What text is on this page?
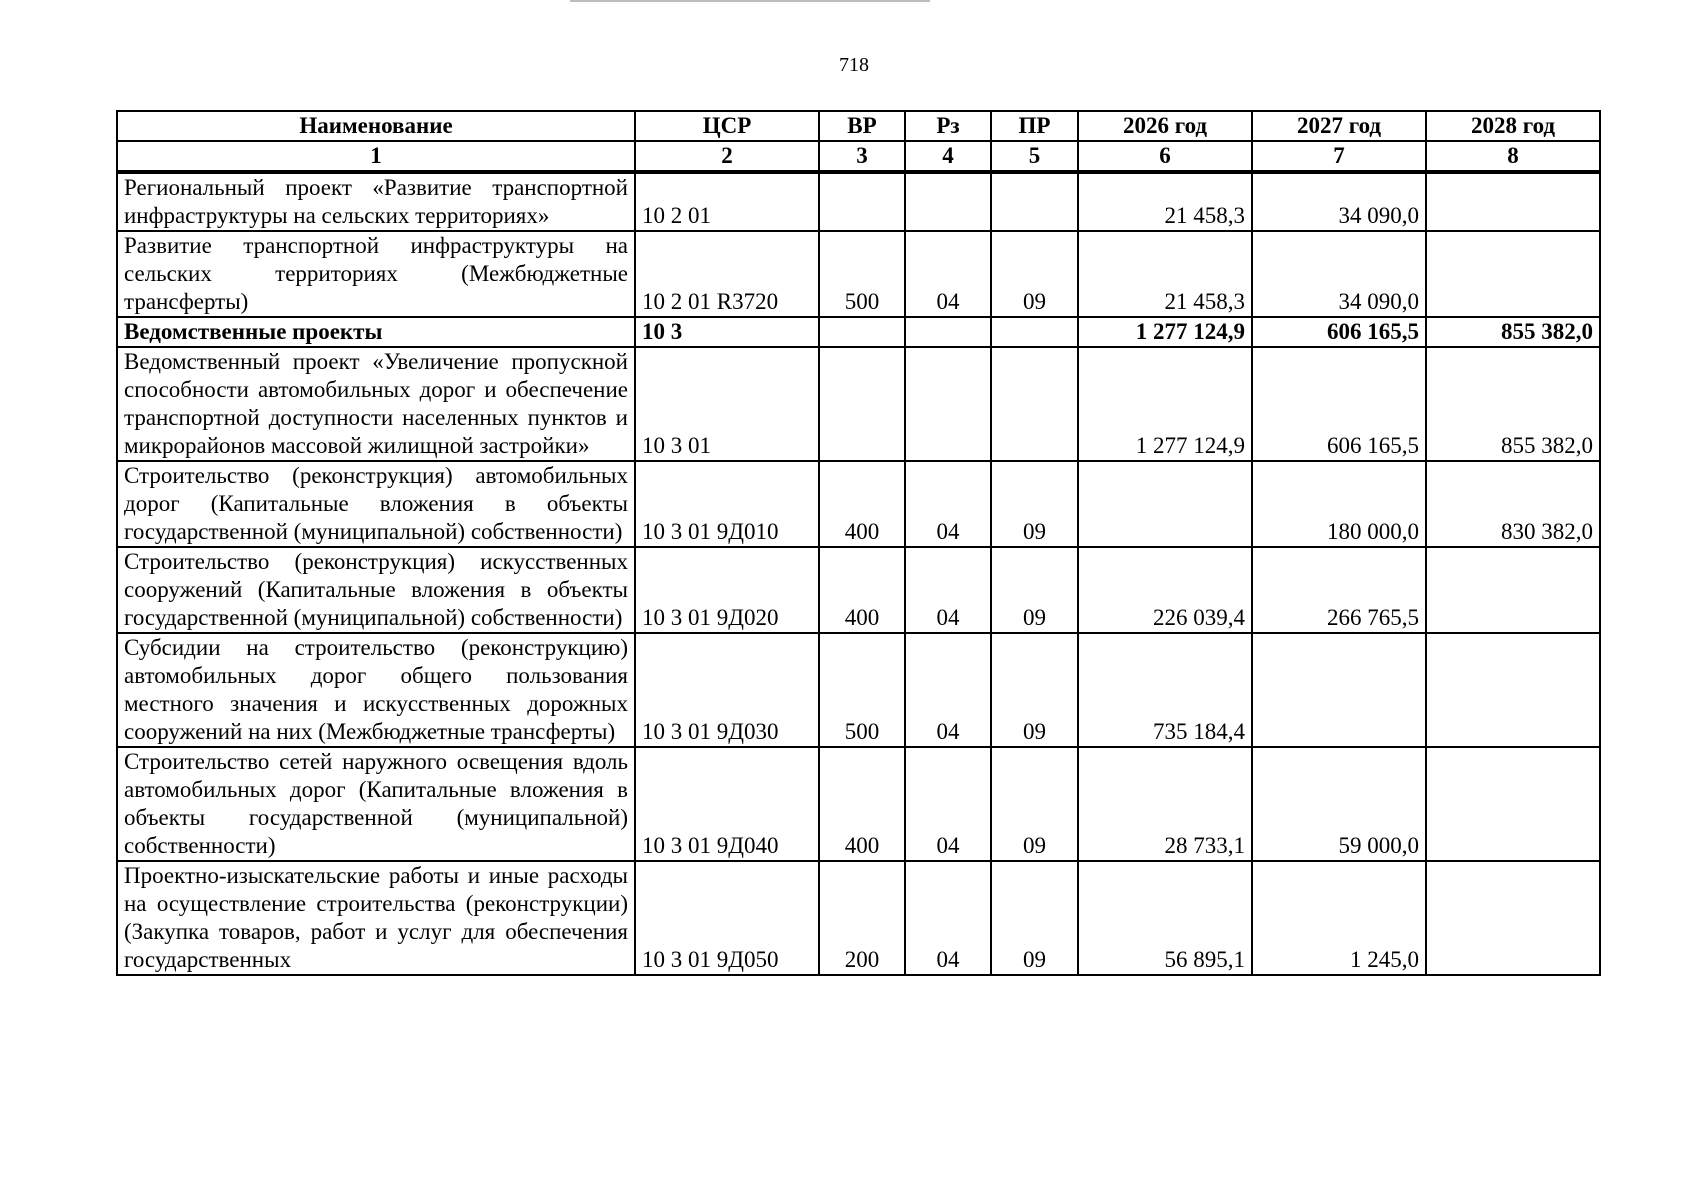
718
Наименование	ЦСР	ВР	Рз	ПР	2026 год	2027 год	2028 год
1	2	3	4	5	6	7	8
Региональный проект «Развитие транспортной инфраструктуры на сельских территориях»	10 2 01				21 458,3	34 090,0	
Развитие транспортной инфраструктуры на сельских территориях (Межбюджетные трансферты)	10 2 01 R3720	500	04	09	21 458,3	34 090,0	
Ведомственные проекты	10 3				1 277 124,9	606 165,5	855 382,0
Ведомственный проект «Увеличение пропускной способности автомобильных дорог и обеспечение транспортной доступности населенных пунктов и микрорайонов массовой жилищной застройки»	10 3 01				1 277 124,9	606 165,5	855 382,0
Строительство (реконструкция) автомобильных дорог (Капитальные вложения в объекты государственной (муниципальной) собственности)	10 3 01 9Д010	400	04	09		180 000,0	830 382,0
Строительство (реконструкция) искусственных сооружений (Капитальные вложения в объекты государственной (муниципальной) собственности)	10 3 01 9Д020	400	04	09	226 039,4	266 765,5	
Субсидии на строительство (реконструкцию) автомобильных дорог общего пользования местного значения и искусственных дорожных сооружений на них (Межбюджетные трансферты)	10 3 01 9Д030	500	04	09	735 184,4		
Строительство сетей наружного освещения вдоль автомобильных дорог (Капитальные вложения в объекты государственной (муниципальной) собственности)	10 3 01 9Д040	400	04	09	28 733,1	59 000,0	
Проектно-изыскательские работы и иные расходы на осуществление строительства (реконструкции) (Закупка товаров, работ и услуг для обеспечения государственных	10 3 01 9Д050	200	04	09	56 895,1	1 245,0	
